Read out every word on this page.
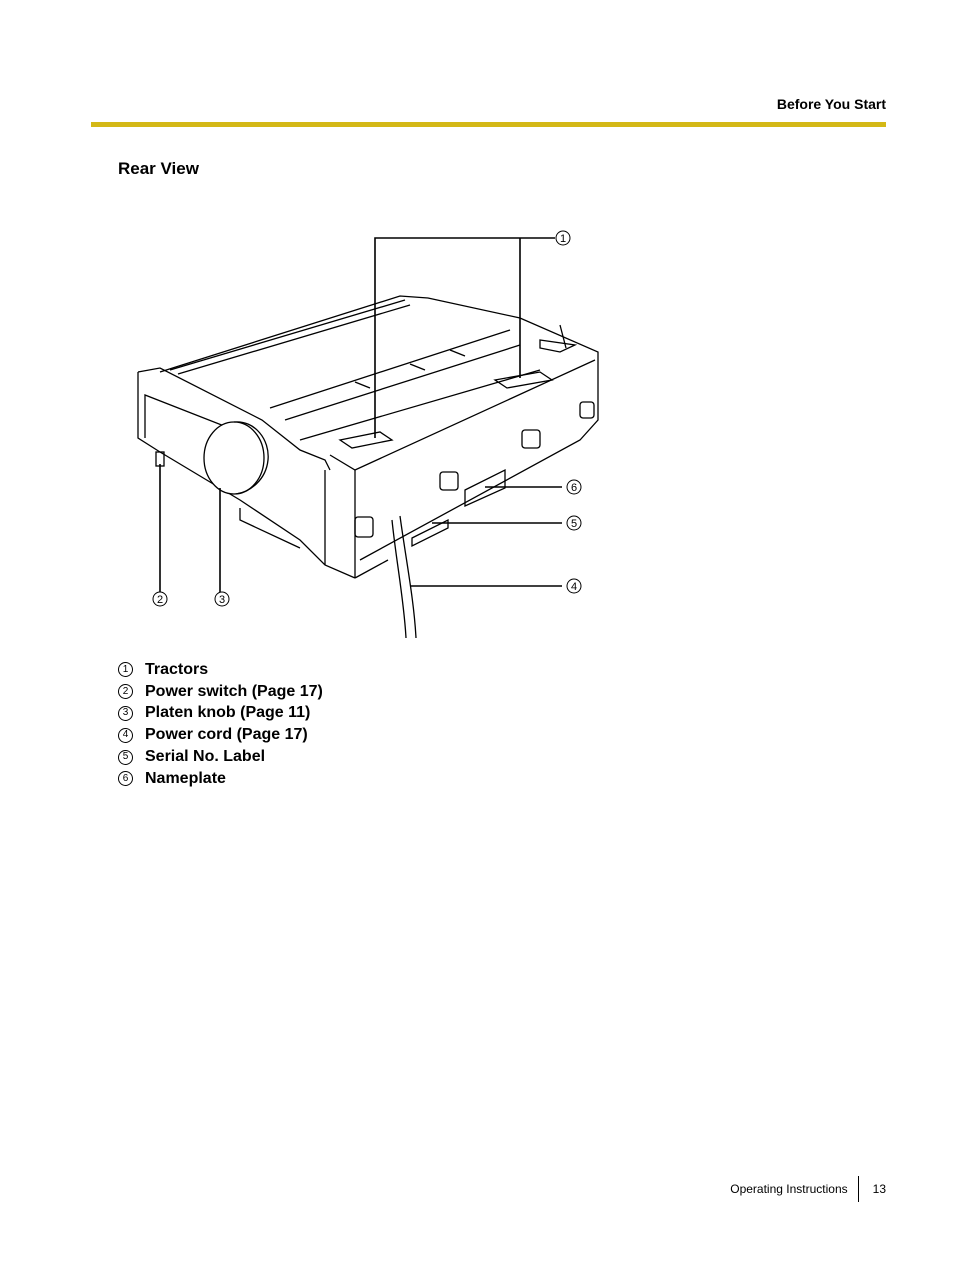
Before You Start
Rear View
1
2	3
4
5
6
1 Tractors
2 Power switch (Page 17)
3 Platen knob (Page 11)
4 Power cord (Page 17)
5 Serial No. Label
6 Nameplate
Operating Instructions 13
